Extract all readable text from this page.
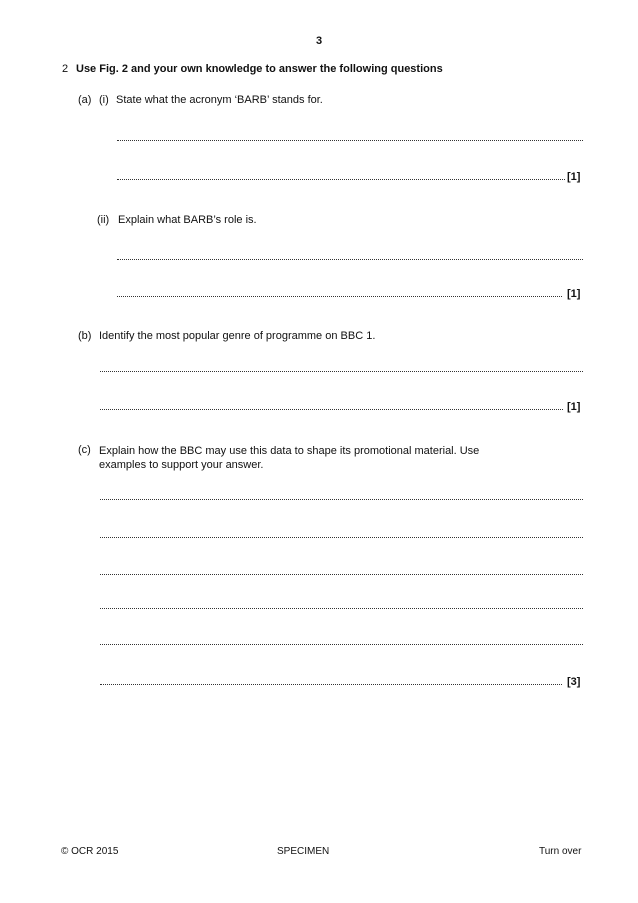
3
2 Use Fig. 2 and your own knowledge to answer the following questions
(a) (i) State what the acronym ‘BARB’ stands for.
[1]
(ii) Explain what BARB’s role is.
[1]
(b) Identify the most popular genre of programme on BBC 1.
[1]
(c) Explain how the BBC may use this data to shape its promotional material. Use examples to support your answer.
[3]
© OCR 2015	SPECIMEN	Turn over
